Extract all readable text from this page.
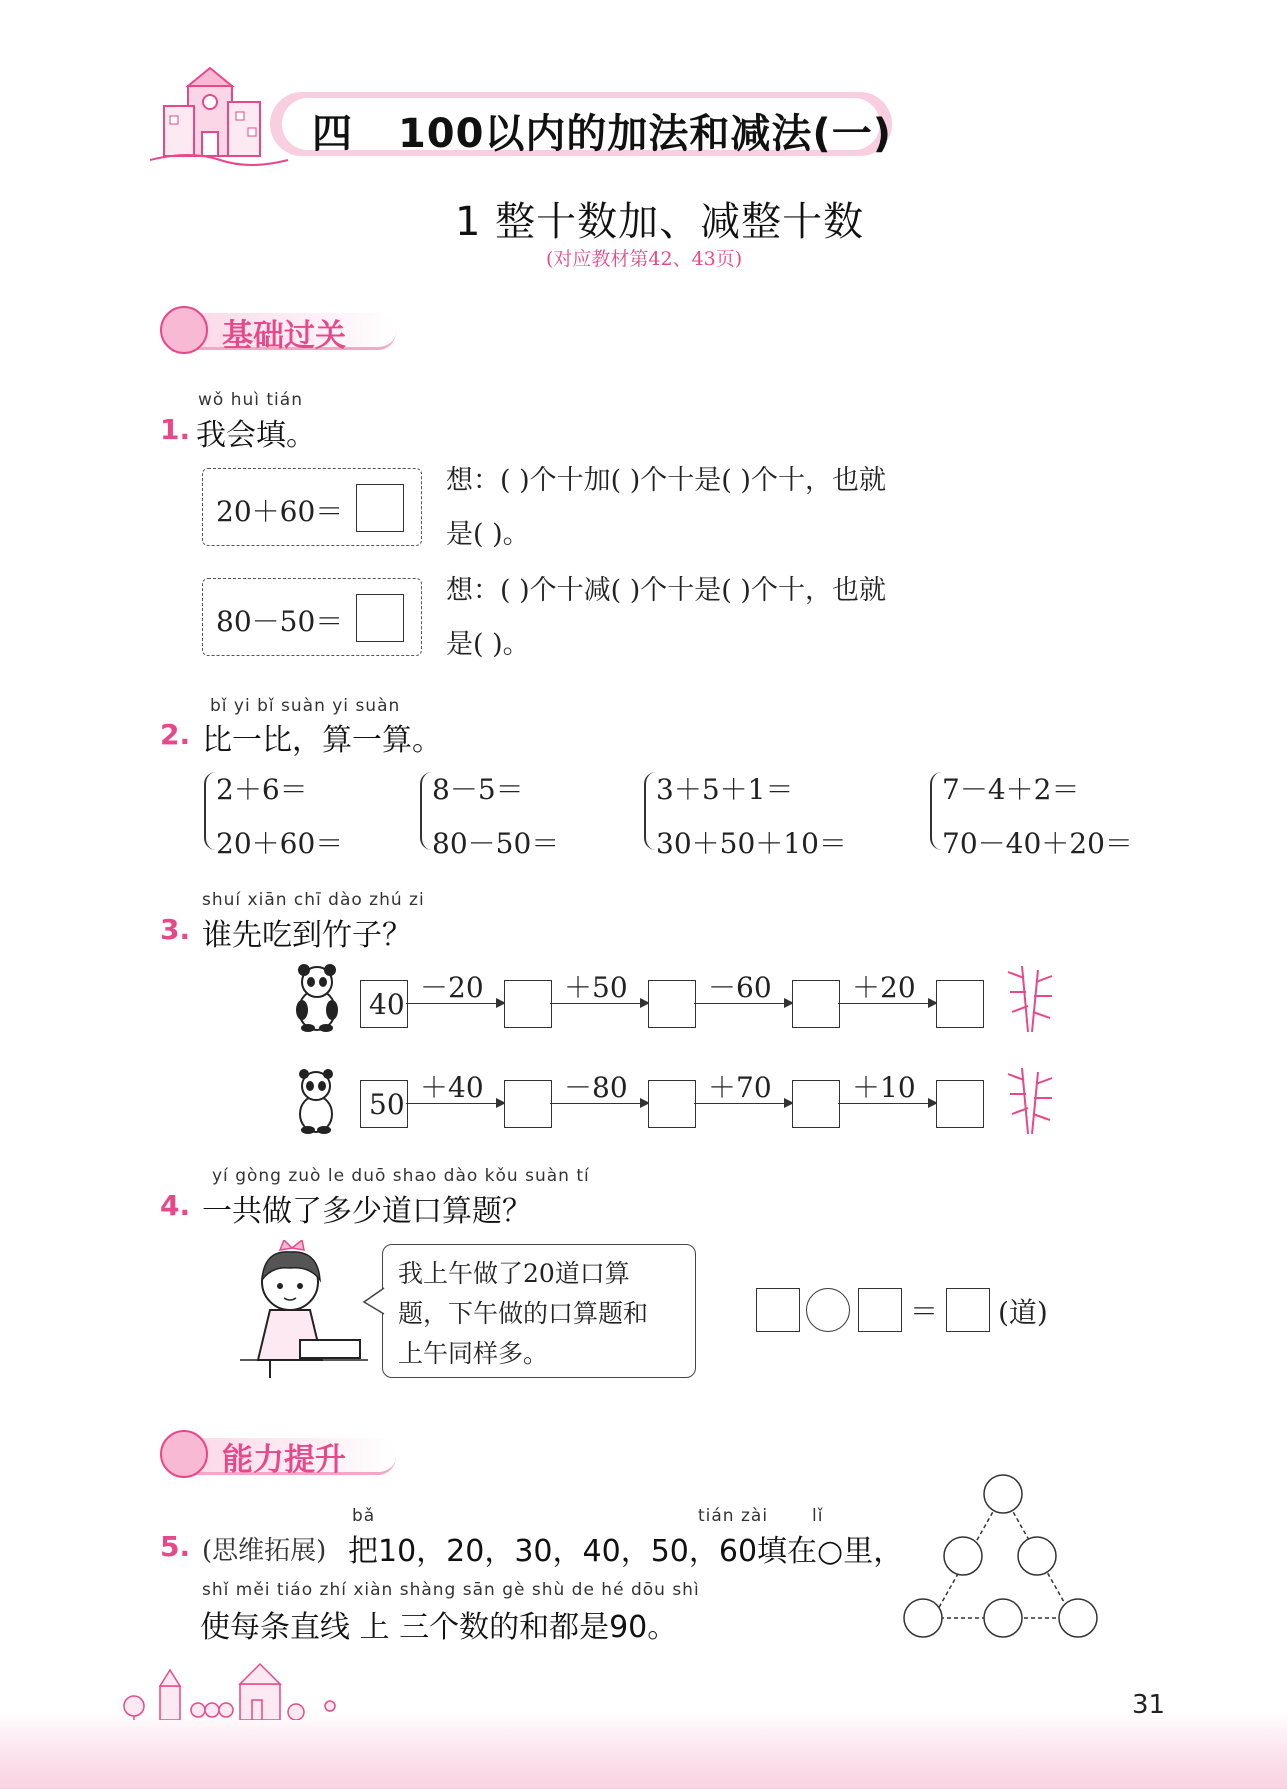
四 100以内的加法和减法(一)
1 整十数加、减整十数
(对应教材第42、43页)
基础过关
wǒ huì tián
1. 我会填。
20＋60＝
想：( )个十加( )个十是( )个十，也就
是( )。
80－50＝
想：( )个十减( )个十是( )个十，也就
是( )。
bǐ yi bǐ suàn yi suàn
2. 比一比，算一算。
2＋6＝
20＋60＝
8－5＝
80－50＝
3＋5＋1＝
30＋50＋10＝
7－4＋2＝
70－40＋20＝
shuí xiān chī dào zhú zi
3. 谁先吃到竹子？
40
－20	＋50	－60	＋20
50
＋40	－80	＋70	＋10
yí gòng zuò le duō shao dào kǒu suàn tí
4. 一共做了多少道口算题？
我上午做了20道口算
题，下午做的口算题和
上午同样多。
＝ (道)
能力提升
bǎ	tián zài	lǐ
5. (思维拓展) 把10，20，30，40，50，60填在○里，
shǐ měi tiáo zhí xiàn shàng sān gè shù de hé dōu shì
使每条直线 上 三个数的和都是90。
31
